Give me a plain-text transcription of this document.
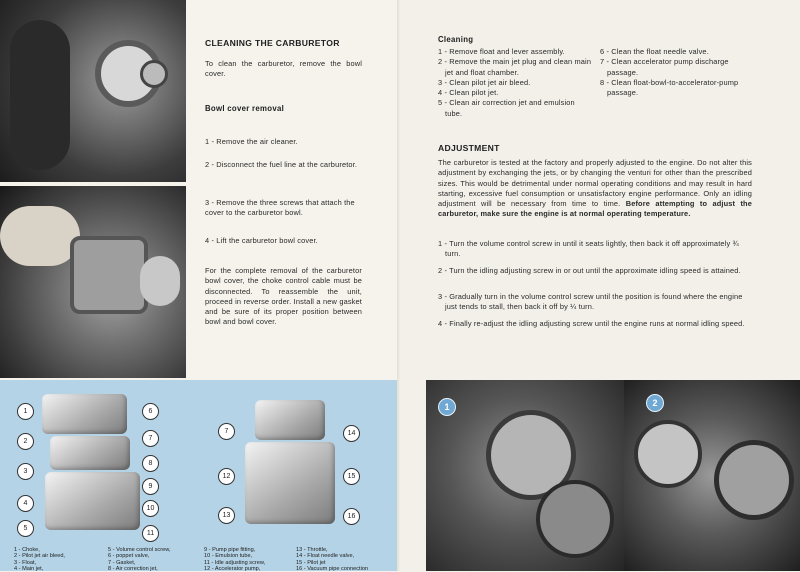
CLEANING THE CARBURETOR
To clean the carburetor, remove the bowl cover.
Bowl cover removal
1 - Remove the air cleaner.
2 - Disconnect the fuel line at the carburetor.
3 - Remove the three screws that attach the cover to the carburetor bowl.
4 - Lift the carburetor bowl cover.
For the complete removal of the carburetor bowl cover, the choke control cable must be disconnected. To reassemble the unit, proceed in reverse order. Install a new gasket and be sure of its proper position between bowl and bowl cover.
1
2
3
4
5
6
7
8
9
10
11
7
12
13
14
15
16
1 - Choke,
2 - Pilot jet air bleed,
3 - Float,
4 - Main jet,
5 - Volume control screw,
6 - poppet valve,
7 - Gasket,
8 - Air correction jet,
9 - Pump pipe fitting,
10 - Emulsion tube,
11 - Idle adjusting screw,
12 - Accelerator pump,
13 - Throttle,
14 - Float needle valve,
15 - Pilot jet
16 - Vacuum pipe connection
Cleaning
1 - Remove float and lever assembly.
2 - Remove the main jet plug and clean main jet and float chamber.
3 - Clean pilot jet air bleed.
4 - Clean pilot jet.
5 - Clean air correction jet and emulsion tube.
6 - Clean the float needle valve.
7 - Clean accelerator pump discharge passage.
8 - Clean float-bowl-to-accelerator-pump passage.
ADJUSTMENT
The carburetor is tested at the factory and properly adjusted to the engine. Do not alter this adjustment by exchanging the jets, or by changing the venturi for other than the prescribed sizes. This would be detrimental under normal operating conditions and may result in hard starting, excessive fuel consumption or unsatisfactory engine performance. Only an idling adjustment will be necessary from time to time. Before attempting to adjust the carburetor, make sure the engine is at normal operating temperature.
1 - Turn the volume control screw in until it seats lightly, then back it off approximately ¾ turn.
2 - Turn the idling adjusting screw in or out until the approximate idling speed is attained.
3 - Gradually turn in the volume control screw until the position is found where the engine just tends to stall, then back it off by ¼ turn.
4 - Finally re-adjust the idling adjusting screw until the engine runs at normal idling speed.
1	2
